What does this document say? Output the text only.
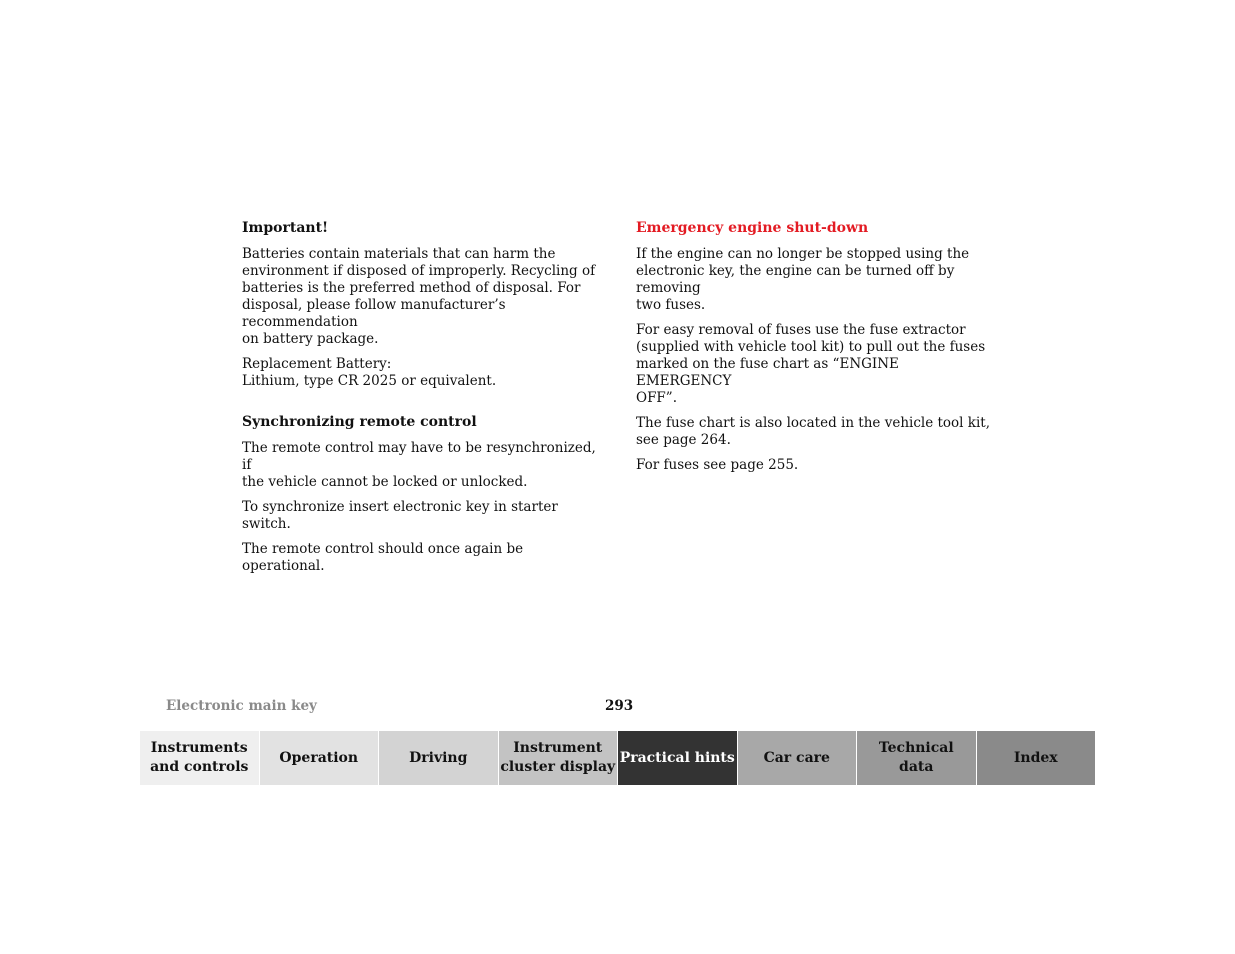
Important!
Batteries contain materials that can harm the
environment if disposed of improperly. Recycling of
batteries is the preferred method of disposal. For
disposal, please follow manufacturer’s recommendation
on battery package.
Replacement Battery:
Lithium, type CR 2025 or equivalent.
Synchronizing remote control
The remote control may have to be resynchronized, if
the vehicle cannot be locked or unlocked.
To synchronize insert electronic key in starter switch.
The remote control should once again be operational.
Emergency engine shut-down
If the engine can no longer be stopped using the
electronic key, the engine can be turned off by removing
two fuses.
For easy removal of fuses use the fuse extractor
(supplied with vehicle tool kit) to pull out the fuses
marked on the fuse chart as “ENGINE EMERGENCY
OFF”.
The fuse chart is also located in the vehicle tool kit,
see page 264.
For fuses see page 255.
Electronic main key	293
Instruments
and controls
Operation	Driving
Instrument
cluster display
Practical hints	Car care
Technical
data
Index
